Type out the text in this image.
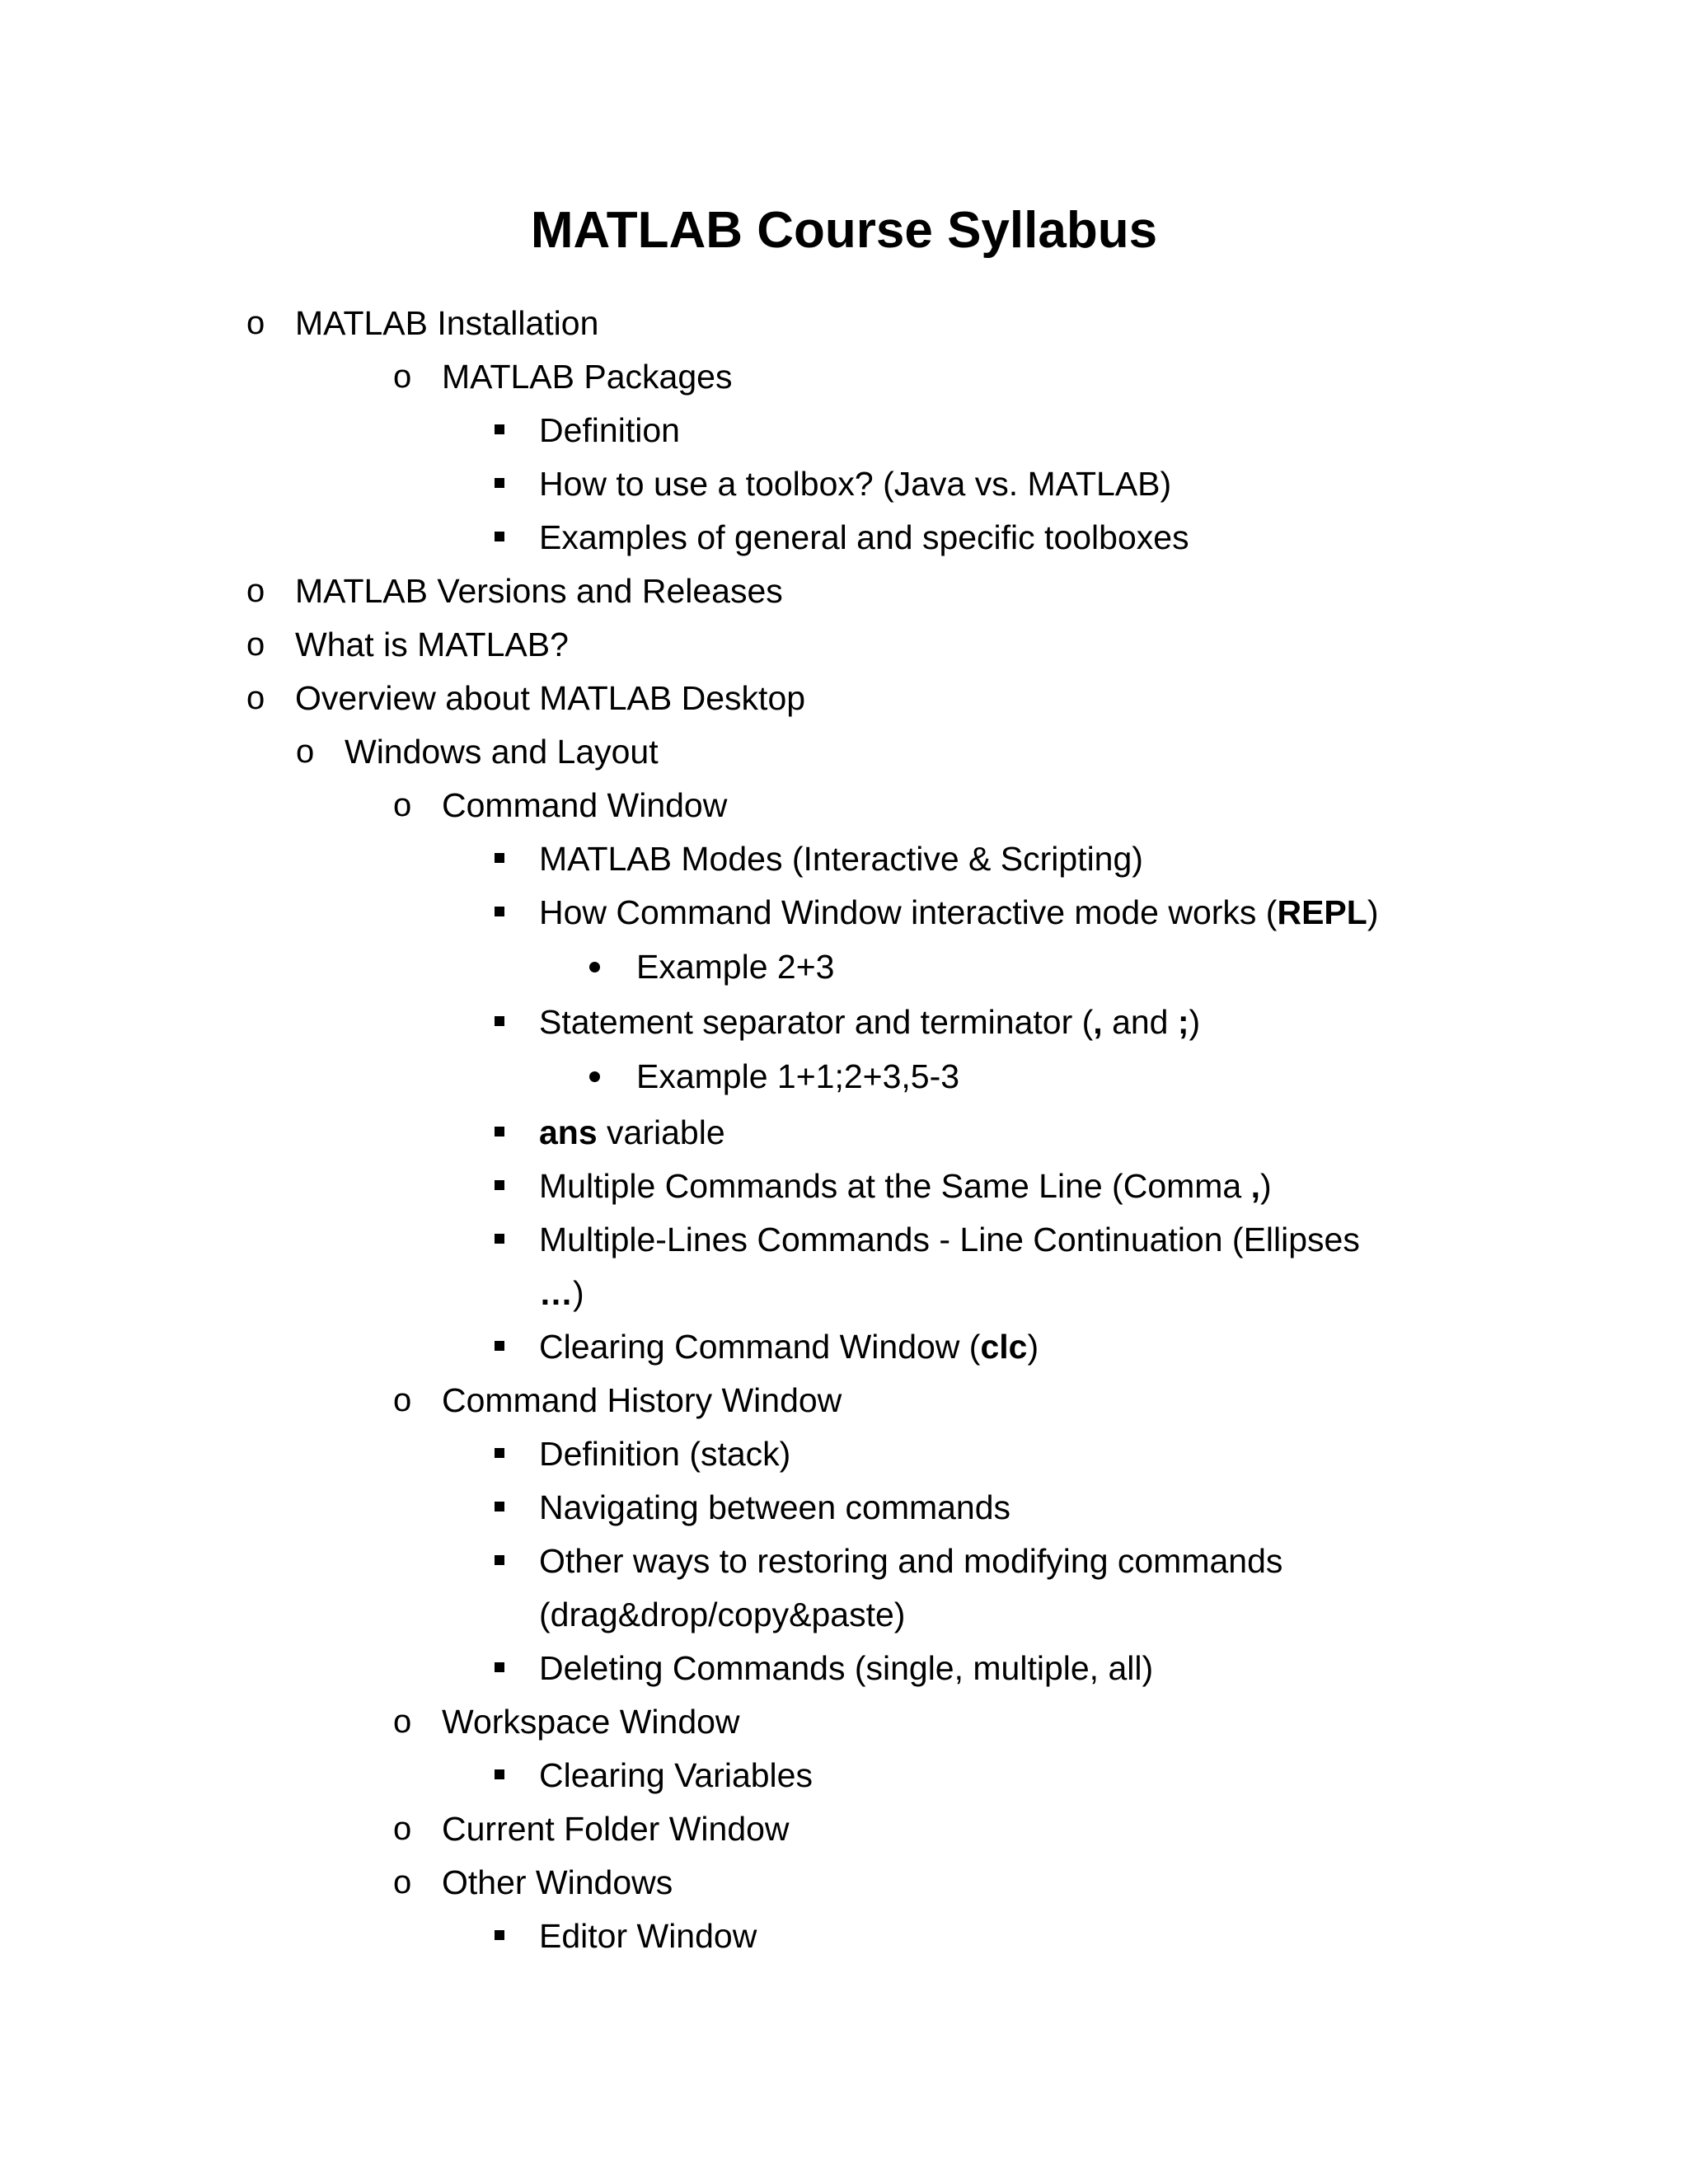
MATLAB Course Syllabus
o MATLAB Installation
o MATLAB Packages
Definition
How to use a toolbox? (Java vs. MATLAB)
Examples of general and specific toolboxes
o MATLAB Versions and Releases
o What is MATLAB?
o Overview about MATLAB Desktop
o Windows and Layout
o Command Window
MATLAB Modes (Interactive & Scripting)
How Command Window interactive mode works (REPL)
Example 2+3
Statement separator and terminator (, and ;)
Example 1+1;2+3,5-3
ans variable
Multiple Commands at the Same Line (Comma ,)
Multiple-Lines Commands - Line Continuation (Ellipses
…)
Clearing Command Window (clc)
o Command History Window
Definition (stack)
Navigating between commands
Other ways to restoring and modifying commands
(drag&drop/copy&paste)
Deleting Commands (single, multiple, all)
o Workspace Window
Clearing Variables
o Current Folder Window
o Other Windows
Editor Window
